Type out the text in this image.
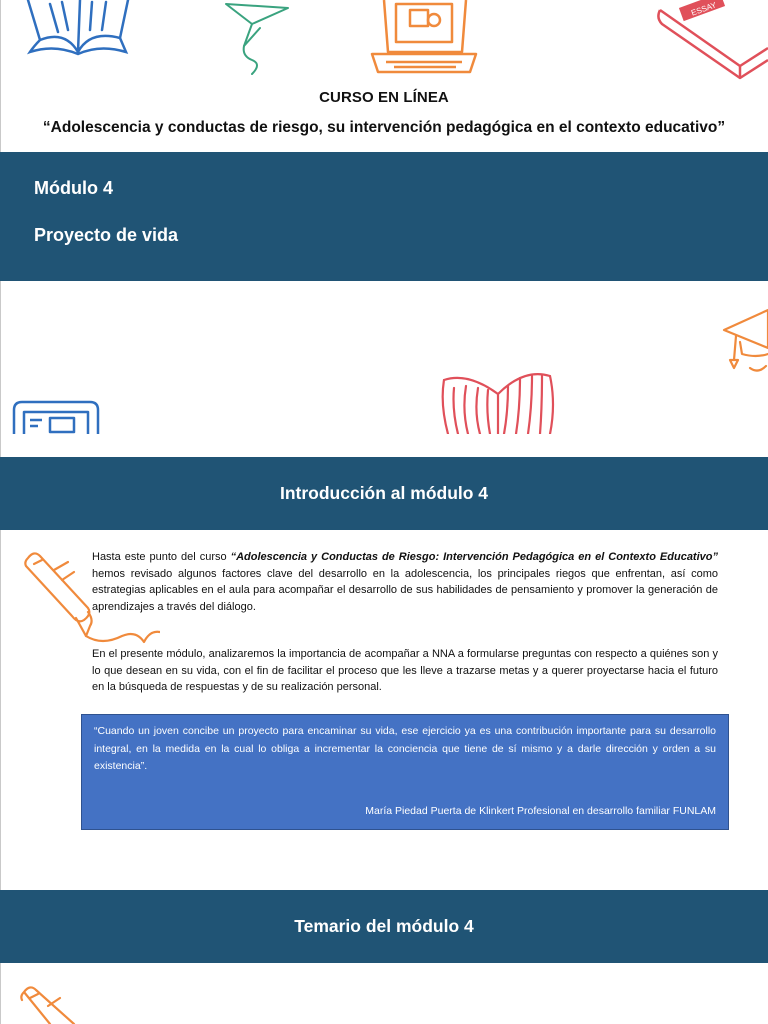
ESSAY
CURSO EN LÍNEA
“Adolescencia y conductas de riesgo, su intervención pedagógica en el contexto educativo”
Módulo 4
Proyecto de vida
Introducción al módulo 4
Hasta este punto del curso “Adolescencia y Conductas de Riesgo: Intervención Pedagógica en el Contexto Educativo” hemos revisado algunos factores clave del desarrollo en la adolescencia, los principales riegos que enfrentan, así como estrategias aplicables en el aula para acompañar el desarrollo de sus habilidades de pensamiento y promover la generación de aprendizajes a través del diálogo.
En el presente módulo, analizaremos la importancia de acompañar a NNA a formularse preguntas con respecto a quiénes son y lo que desean en su vida, con el fin de facilitar el proceso que les lleve a trazarse metas y a querer proyectarse hacia el futuro en la búsqueda de respuestas y de su realización personal.
“Cuando un joven concibe un proyecto para encaminar su vida, ese ejercicio ya es una contribución importante para su desarrollo integral, en la medida en la cual lo obliga a incrementar la conciencia que tiene de sí mismo y a darle dirección y orden a su existencia”.
María Piedad Puerta de Klinkert Profesional en desarrollo familiar FUNLAM
Temario del módulo 4
